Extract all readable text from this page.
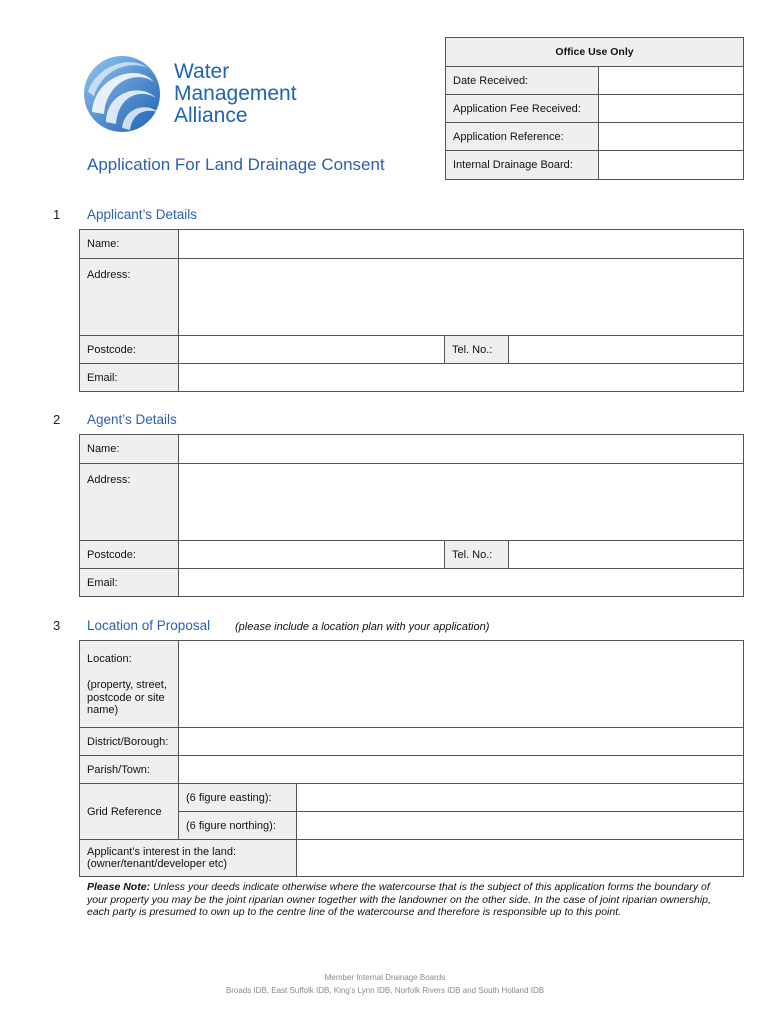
Water
Management
Alliance
Application For Land Drainage Consent
Office Use Only	
Date Received:	
Application Fee Received:	
Application Reference:	
Internal Drainage Board:	
1 Applicant’s Details
Name:			
Address:			
Postcode:		Tel. No.:	
Email:			
2 Agent’s Details
Name:			
Address:			
Postcode:		Tel. No.:	
Email:			
3 Location of Proposal (please include a location plan with your application)
Location:
(property, street, postcode or site name)		

District/Borough:		
Parish/Town:		
Grid Reference	(6 figure easting):	
	(6 figure northing):	
Applicant’s interest in the land: (owner/tenant/developer etc)		
Please Note: Unless your deeds indicate otherwise where the watercourse that is the subject of this application forms the boundary of your property you may be the joint riparian owner together with the landowner on the other side. In the case of joint riparian ownership, each party is presumed to own up to the centre line of the watercourse and therefore is responsible up to this point.
Member Internal Drainage Boards
Broads IDB, East Suffolk IDB, King’s Lynn IDB, Norfolk Rivers IDB and South Holland IDB
